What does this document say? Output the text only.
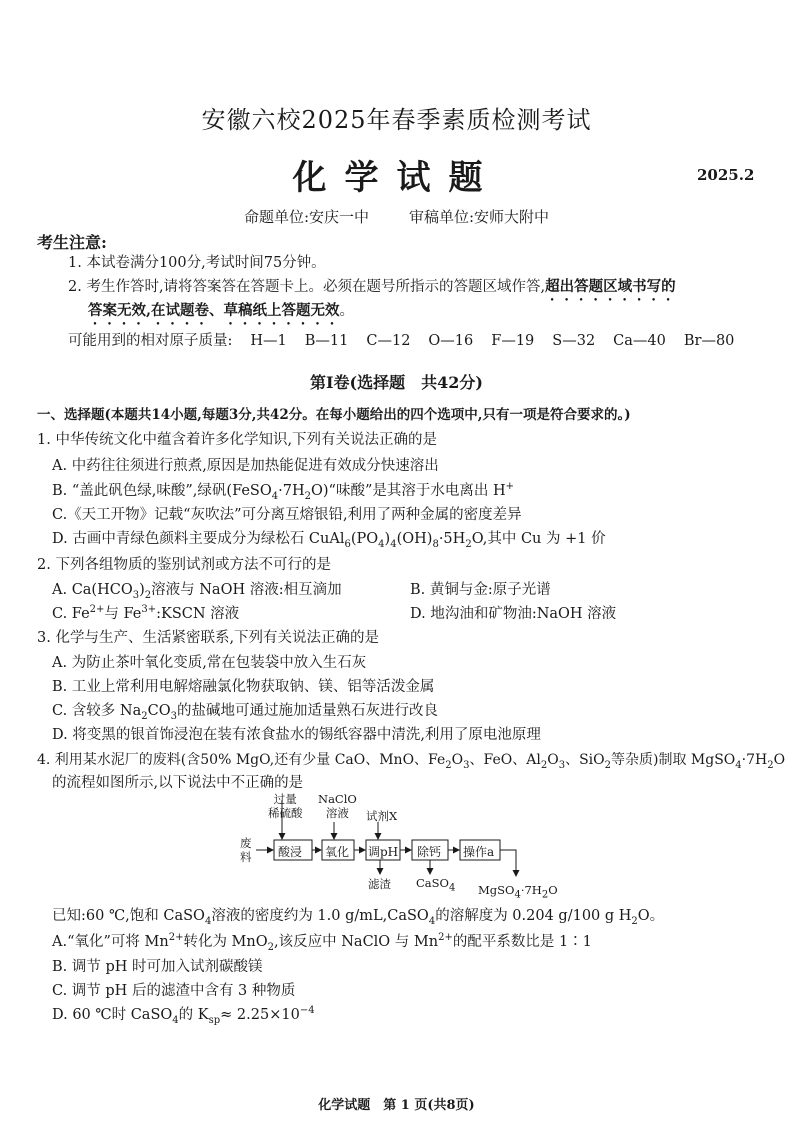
安徽六校2025年春季素质检测考试
化学试题	2025.2
命题单位:安庆一中	审稿单位:安师大附中
考生注意:
1. 本试卷满分100分,考试时间75分钟。
2. 考生作答时,请将答案答在答题卡上。必须在题号所指示的答题区域作答,超出答题区域书写的
答案无效,在试题卷、草稿纸上答题无效。
可能用到的相对原子质量: H—1 B—11 C—12 O—16 F—19 S—32 Ca—40 Br—80
第Ⅰ卷(选择题　共42分)
一、选择题(本题共14小题,每题3分,共42分。在每小题给出的四个选项中,只有一项是符合要求的。)
1. 中华传统文化中蕴含着许多化学知识,下列有关说法正确的是
A. 中药往往须进行煎煮,原因是加热能促进有效成分快速溶出
B. “盖此矾色绿,味酸”,绿矾$(FeSO_4\cdot 7H_2O)“$味酸”是其溶于水电离出 H+
C.《天工开物》记载“灰吹法”可分离互熔银铅,利用了两种金属的密度差异
D. 古画中青绿色颜料主要成分为绿松石 $CuAl_6(PO_4)_4(OH)_8\cdot 5H_2O$,其中 Cu 为 +1 价
2. 下列各组物质的鉴别试剂或方法不可行的是
A. $Ca(HCO_3)_2$溶液与 NaOH 溶液:相互滴加	B. 黄铜与金:原子光谱
C. $Fe^{2+}$与 $Fe^{3+}:KSCN$ 溶液	D. 地沟油和矿物油:NaOH 溶液
3. 化学与生产、生活紧密联系,下列有关说法正确的是
A. 为防止茶叶氧化变质,常在包装袋中放入生石灰
B. 工业上常利用电解熔融氯化物获取钠、镁、铝等活泼金属
C. 含较多 $Na_2CO_3$的盐碱地可通过施加适量熟石灰进行改良
D. 将变黑的银首饰浸泡在装有浓食盐水的锡纸容器中清洗,利用了原电池原理
4. 利用某水泥厂的废料(含50% MgO,还有少量 CaO、MnO、$Fe_2O_3$、FeO、$Al_2O_3$、SiO$_2$等杂质)制取 $MgSO_4\cdot 7H_2O$
的流程如图所示,以下说法中不正确的是
废
料
过量
稀硫酸
NaClO
溶液	试剂X
酸浸 氧化 调pH 除钙 操作a
滤渣 CaSO$_4$ $MgSO_4\cdot 7H_2O$
已知:60 ℃,饱和 CaSO$_4$溶液的密度约为 1.0 g/mL,CaSO$_4$的溶解度为 0.204 g/100 g $H_2O$。
A.“氧化”可将 $Mn^{2+}$转化为 MnO$_2$,该反应中 NaClO 与 $Mn^{2+}$的配平系数比是 1∶1
B. 调节 pH 时可加入试剂碳酸镁
C. 调节 pH 后的滤渣中含有 3 种物质
D. 60 ℃时 CaSO$_4$的 $K_{sp}\approx 2.25\times 10^{-4}$
化学试题　第 1 页(共8页)
